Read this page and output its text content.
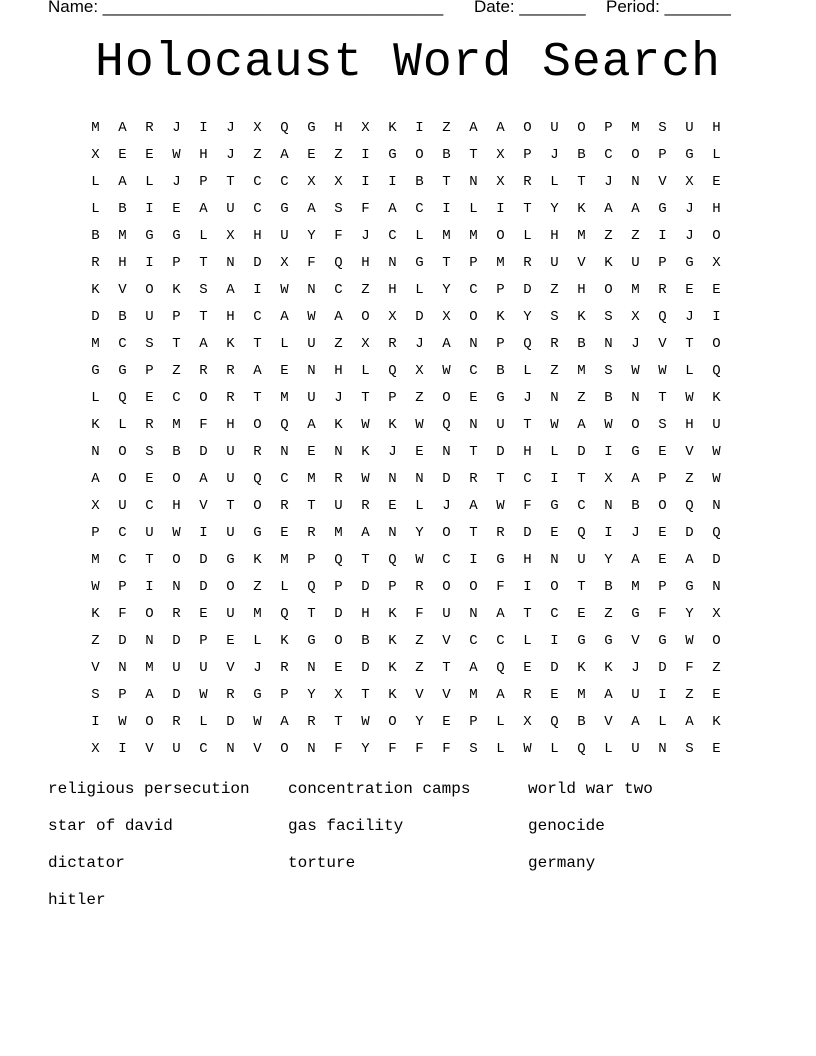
Name: ____________________________________

Date: _______

Period: _______

Holocaust Word Search
M	A	R	J	I	J	X	Q	G	H	X	K	I	Z	A	A	O	U	O	P	M	S	U	H
X	E	E	W	H	J	Z	A	E	Z	I	G	O	B	T	X	P	J	B	C	O	P	G	L
L	A	L	J	P	T	C	C	X	X	I	I	B	T	N	X	R	L	T	J	N	V	X	E
L	B	I	E	A	U	C	G	A	S	F	A	C	I	L	I	T	Y	K	A	A	G	J	H
B	M	G	G	L	X	H	U	Y	F	J	C	L	M	M	O	L	H	M	Z	Z	I	J	O
R	H	I	P	T	N	D	X	F	Q	H	N	G	T	P	M	R	U	V	K	U	P	G	X
K	V	O	K	S	A	I	W	N	C	Z	H	L	Y	C	P	D	Z	H	O	M	R	E	E
D	B	U	P	T	H	C	A	W	A	O	X	D	X	O	K	Y	S	K	S	X	Q	J	I
M	C	S	T	A	K	T	L	U	Z	X	R	J	A	N	P	Q	R	B	N	J	V	T	O
G	G	P	Z	R	R	A	E	N	H	L	Q	X	W	C	B	L	Z	M	S	W	W	L	Q
L	Q	E	C	O	R	T	M	U	J	T	P	Z	O	E	G	J	N	Z	B	N	T	W	K
K	L	R	M	F	H	O	Q	A	K	W	K	W	Q	N	U	T	W	A	W	O	S	H	U
N	O	S	B	D	U	R	N	E	N	K	J	E	N	T	D	H	L	D	I	G	E	V	W
A	O	E	O	A	U	Q	C	M	R	W	N	N	D	R	T	C	I	T	X	A	P	Z	W
X	U	C	H	V	T	O	R	T	U	R	E	L	J	A	W	F	G	C	N	B	O	Q	N
P	C	U	W	I	U	G	E	R	M	A	N	Y	O	T	R	D	E	Q	I	J	E	D	Q
M	C	T	O	D	G	K	M	P	Q	T	Q	W	C	I	G	H	N	U	Y	A	E	A	D
W	P	I	N	D	O	Z	L	Q	P	D	P	R	O	O	F	I	O	T	B	M	P	G	N
K	F	O	R	E	U	M	Q	T	D	H	K	F	U	N	A	T	C	E	Z	G	F	Y	X
Z	D	N	D	P	E	L	K	G	O	B	K	Z	V	C	C	L	I	G	G	V	G	W	O
V	N	M	U	U	V	J	R	N	E	D	K	Z	T	A	Q	E	D	K	K	J	D	F	Z
S	P	A	D	W	R	G	P	Y	X	T	K	V	V	M	A	R	E	M	A	U	I	Z	E
I	W	O	R	L	D	W	A	R	T	W	O	Y	E	P	L	X	Q	B	V	A	L	A	K
X	I	V	U	C	N	V	O	N	F	Y	F	F	F	S	L	W	L	Q	L	U	N	S	E
religious persecution	concentration camps	world war two
star of david	gas facility	genocide
dictator	torture	germany
hitler
